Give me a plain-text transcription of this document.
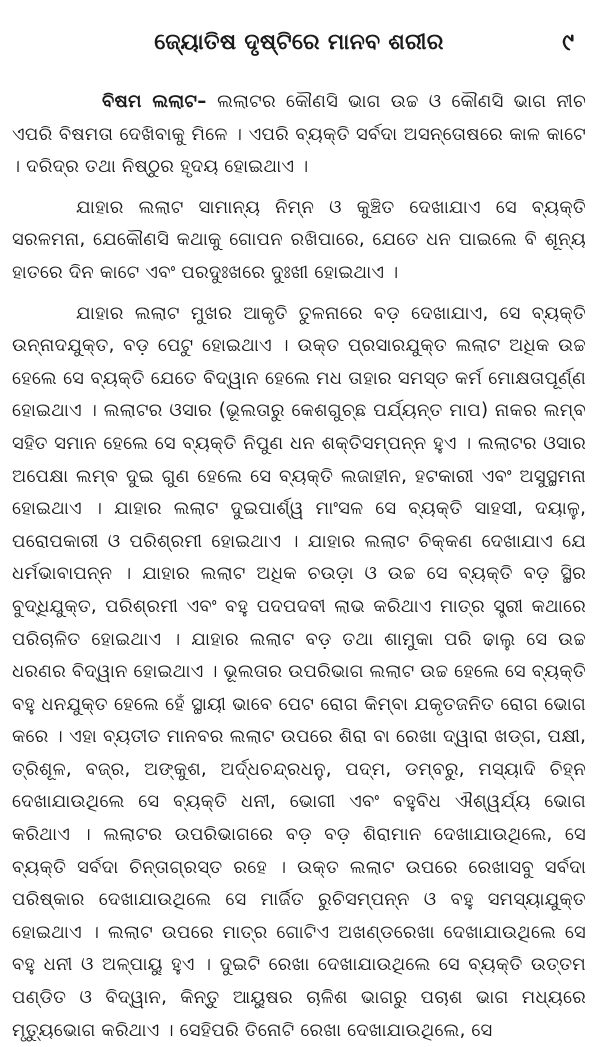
ଜ୍ୟୋତିଷ ଦୃଷ୍ଟିରେ ମାନବ ଶରୀର	୯

ବିଷମ ଲଲାଟ– ଲଲାଟର କୌଣସି ଭାଗ ଉଚ୍ଚ ଓ କୌଣସି ଭାଗ ନୀଚ ଏପରି ବିଷମତା ଦେଖିବାକୁ ମିଳେ । ଏପରି ବ୍ୟକ୍ତି ସର୍ବଦା ଅସନ୍ତୋଷରେ କାଳ କାଟେ । ଦରିଦ୍ର ତଥା ନିଷ୍ଠୁର ହୃଦୟ ହୋଇଥାଏ ।

ଯାହାର ଲଲାଟ ସାମାନ୍ୟ ନିମ୍ନ ଓ କୁଞ୍ଚିତ ଦେଖାଯାଏ ସେ ବ୍ୟକ୍ତି ସରଳମନା, ଯେକୌଣସି କଥାକୁ ଗୋପନ ରଖିପାରେ, ଯେତେ ଧନ ପାଇଲେ ବି ଶୂନ୍ୟ ହାତରେ ଦିନ କାଟେ ଏବଂ ପରଦୁଃଖରେ ଦୁଃଖୀ ହୋଇଥାଏ ।

ଯାହାର ଲଲାଟ ମୁଖର ଆକୃତି ତୁଳନାରେ ବଡ଼ ଦେଖାଯାଏ, ସେ ବ୍ୟକ୍ତି ଉନ୍ନାଦଯୁକ୍ତ, ବଡ଼ ପେଟୁ ହୋଇଥାଏ । ଉକ୍ତ ପ୍ରସାରଯୁକ୍ତ ଲଲାଟ ଅଧିକ ଉଚ୍ଚ ହେଲେ ସେ ବ୍ୟକ୍ତି ଯେତେ ବିଦ୍ୱାନ ହେଲେ ମଧ ତାହାର ସମସ୍ତ କର୍ମ ମୋକ୍ଷତାପୂର୍ଣ୍ଣ ହୋଇଥାଏ । ଲଲାଟର ଓସାର (ଭୂଲତାରୁ କେଶଗୁଚ୍ଛ ପର୍ଯ୍ୟନ୍ତ ମାପ) ନାକର ଲମ୍ବ ସହିତ ସମାନ ହେଲେ ସେ ବ୍ୟକ୍ତି ନିପୁଣ ଧନ ଶକ୍ତିସମ୍ପନ୍ନ ହୁଏ । ଲଲାଟର ଓସାର ଅପେକ୍ଷା ଲମ୍ବ ଦୁଇ ଗୁଣ ହେଲେ ସେ ବ୍ୟକ୍ତି ଲଜାହୀନ, ହଟକାରୀ ଏବଂ ଅସୁସ୍ଥମନା ହୋଇଥାଏ । ଯାହାର ଲଲାଟ ଦୁଇପାର୍ଶ୍ୱ ମାଂସଳ ସେ ବ୍ୟକ୍ତି ସାହସୀ, ଦୟାଳୁ, ପରୋପକାରୀ ଓ ପରିଶ୍ରମୀ ହୋଇଥାଏ । ଯାହାର ଲଲାଟ ଚିକ୍କଣ ଦେଖାଯାଏ ଯେ ଧର୍ମଭାବାପନ୍ନ । ଯାହାର ଲଲାଟ ଅଧିକ ଚଉଡ଼ା ଓ ଉଚ୍ଚ ସେ ବ୍ୟକ୍ତି ବଡ଼ ସ୍ଥିର ବୁଦ୍ଧିଯୁକ୍ତ, ପରିଶ୍ରମୀ ଏବଂ ବହୁ ପଦପଦବୀ ଲାଭ କରିଥାଏ ମାତ୍ର ସ୍ତ୍ରୀ କଥାରେ ପରିଚାଳିତ ହୋଇଥାଏ । ଯାହାର ଲଲାଟ ବଡ଼ ତଥା ଶାମୁକା ପରି ଢାଲୁ ସେ ଉଚ୍ଚ ଧରଣର ବିଦ୍ୱାନ ହୋଇଥାଏ । ଭୂଲତାର ଉପରିଭାଗ ଲଲାଟ ଉଚ୍ଚ ହେଲେ ସେ ବ୍ୟକ୍ତି ବହୁ ଧନଯୁକ୍ତ ହେଲେ ହେଁ ସ୍ଥାୟୀ ଭାବେ ପେଟ ରୋଗ କିମ୍ବା ଯକୃତଜନିତ ରୋଗ ଭୋଗ କରେ । ଏହା ବ୍ୟତୀତ ମାନବର ଲଲାଟ ଉପରେ ଶିରା ବା ରେଖା ଦ୍ୱାରା ଖଡ୍ଗ, ପକ୍ଷୀ, ତ୍ରିଶୂଳ, ବଜ୍ର, ଅଙ୍କୁଶ, ଅର୍ଦ୍ଧଚନ୍ଦ୍ରଧନୁ, ପଦ୍ମ, ଡମ୍ବରୁ, ମସ୍ୟାଦି ଚିହ୍ନ ଦେଖାଯାଉଥିଲେ ସେ ବ୍ୟକ୍ତି ଧନୀ, ଭୋଗୀ ଏବଂ ବହୁବିଧ ଐଶ୍ୱର୍ଯ୍ୟ ଭୋଗ କରିଥାଏ । ଲଲାଟର ଉପରିଭାଗରେ ବଡ଼ ବଡ଼ ଶିରାମାନ ଦେଖାଯାଉଥିଲେ, ସେ ବ୍ୟକ୍ତି ସର୍ବଦା ଚିନ୍ତାଗ୍ରସ୍ତ ରହେ । ଉକ୍ତ ଲଲାଟ ଉପରେ ରେଖାସବୁ ସର୍ବଦା ପରିଷ୍କାର ଦେଖାଯାଉଥିଲେ ସେ ମାର୍ଜିତ ରୁଚିସମ୍ପନ୍ନ ଓ ବହୁ ସମସ୍ୟାଯୁକ୍ତ ହୋଇଥାଏ । ଲଲାଟ ଉପରେ ମାତ୍ର ଗୋଟିଏ ଅଖଣ୍ଡରେଖା ଦେଖାଯାଉଥିଲେ ସେ ବହୁ ଧନୀ ଓ ଅଳ୍ପାୟୁ ହୁଏ । ଦୁଇଟି ରେଖା ଦେଖାଯାଉଥିଲେ ସେ ବ୍ୟକ୍ତି ଉତ୍ତମ ପଣ୍ଡିତ ଓ ବିଦ୍ୱାନ, କିନ୍ତୁ ଆୟୁଷର ଚାଳିଶ ଭାଗରୁ ପଚାଶ ଭାଗ ମଧ୍ୟରେ ମୃତ୍ୟୁଭୋଗ କରିଥାଏ । ସେହିପରି ତିନୋଟି ରେଖା ଦେଖାଯାଉଥିଲେ, ସେ
